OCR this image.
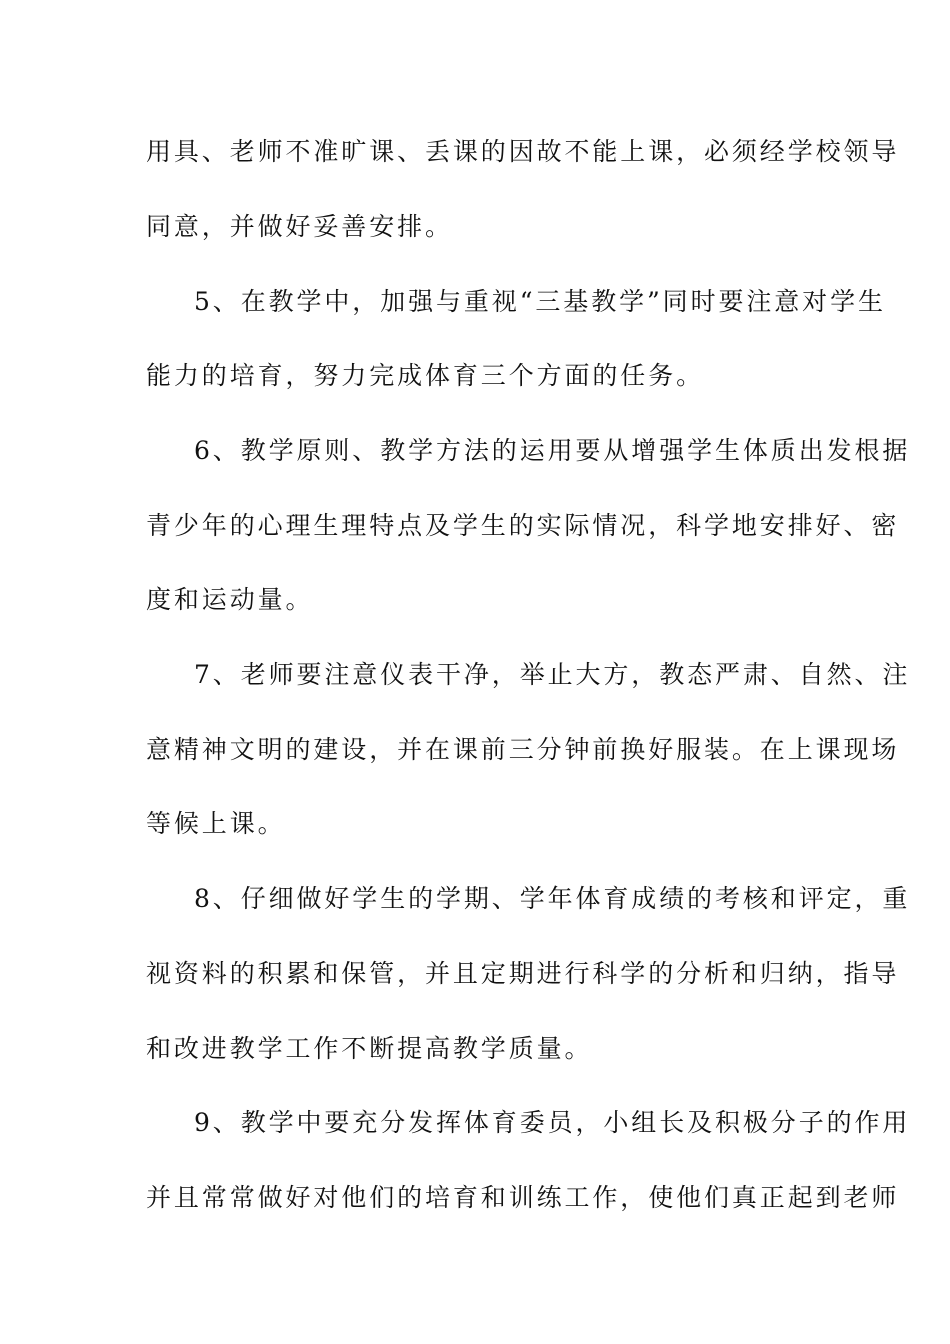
用具、老师不准旷课、丢课的因故不能上课，必须经学校领导
同意，并做好妥善安排。
5、在教学中，加强与重视“三基教学”同时要注意对学生
能力的培育，努力完成体育三个方面的任务。
6、教学原则、教学方法的运用要从增强学生体质出发根据
青少年的心理生理特点及学生的实际情况，科学地安排好、密
度和运动量。
7、老师要注意仪表干净，举止大方，教态严肃、自然、注
意精神文明的建设，并在课前三分钟前换好服装。在上课现场
等候上课。
8、仔细做好学生的学期、学年体育成绩的考核和评定，重
视资料的积累和保管，并且定期进行科学的分析和归纳，指导
和改进教学工作不断提高教学质量。
9、教学中要充分发挥体育委员，小组长及积极分子的作用
并且常常做好对他们的培育和训练工作，使他们真正起到老师
